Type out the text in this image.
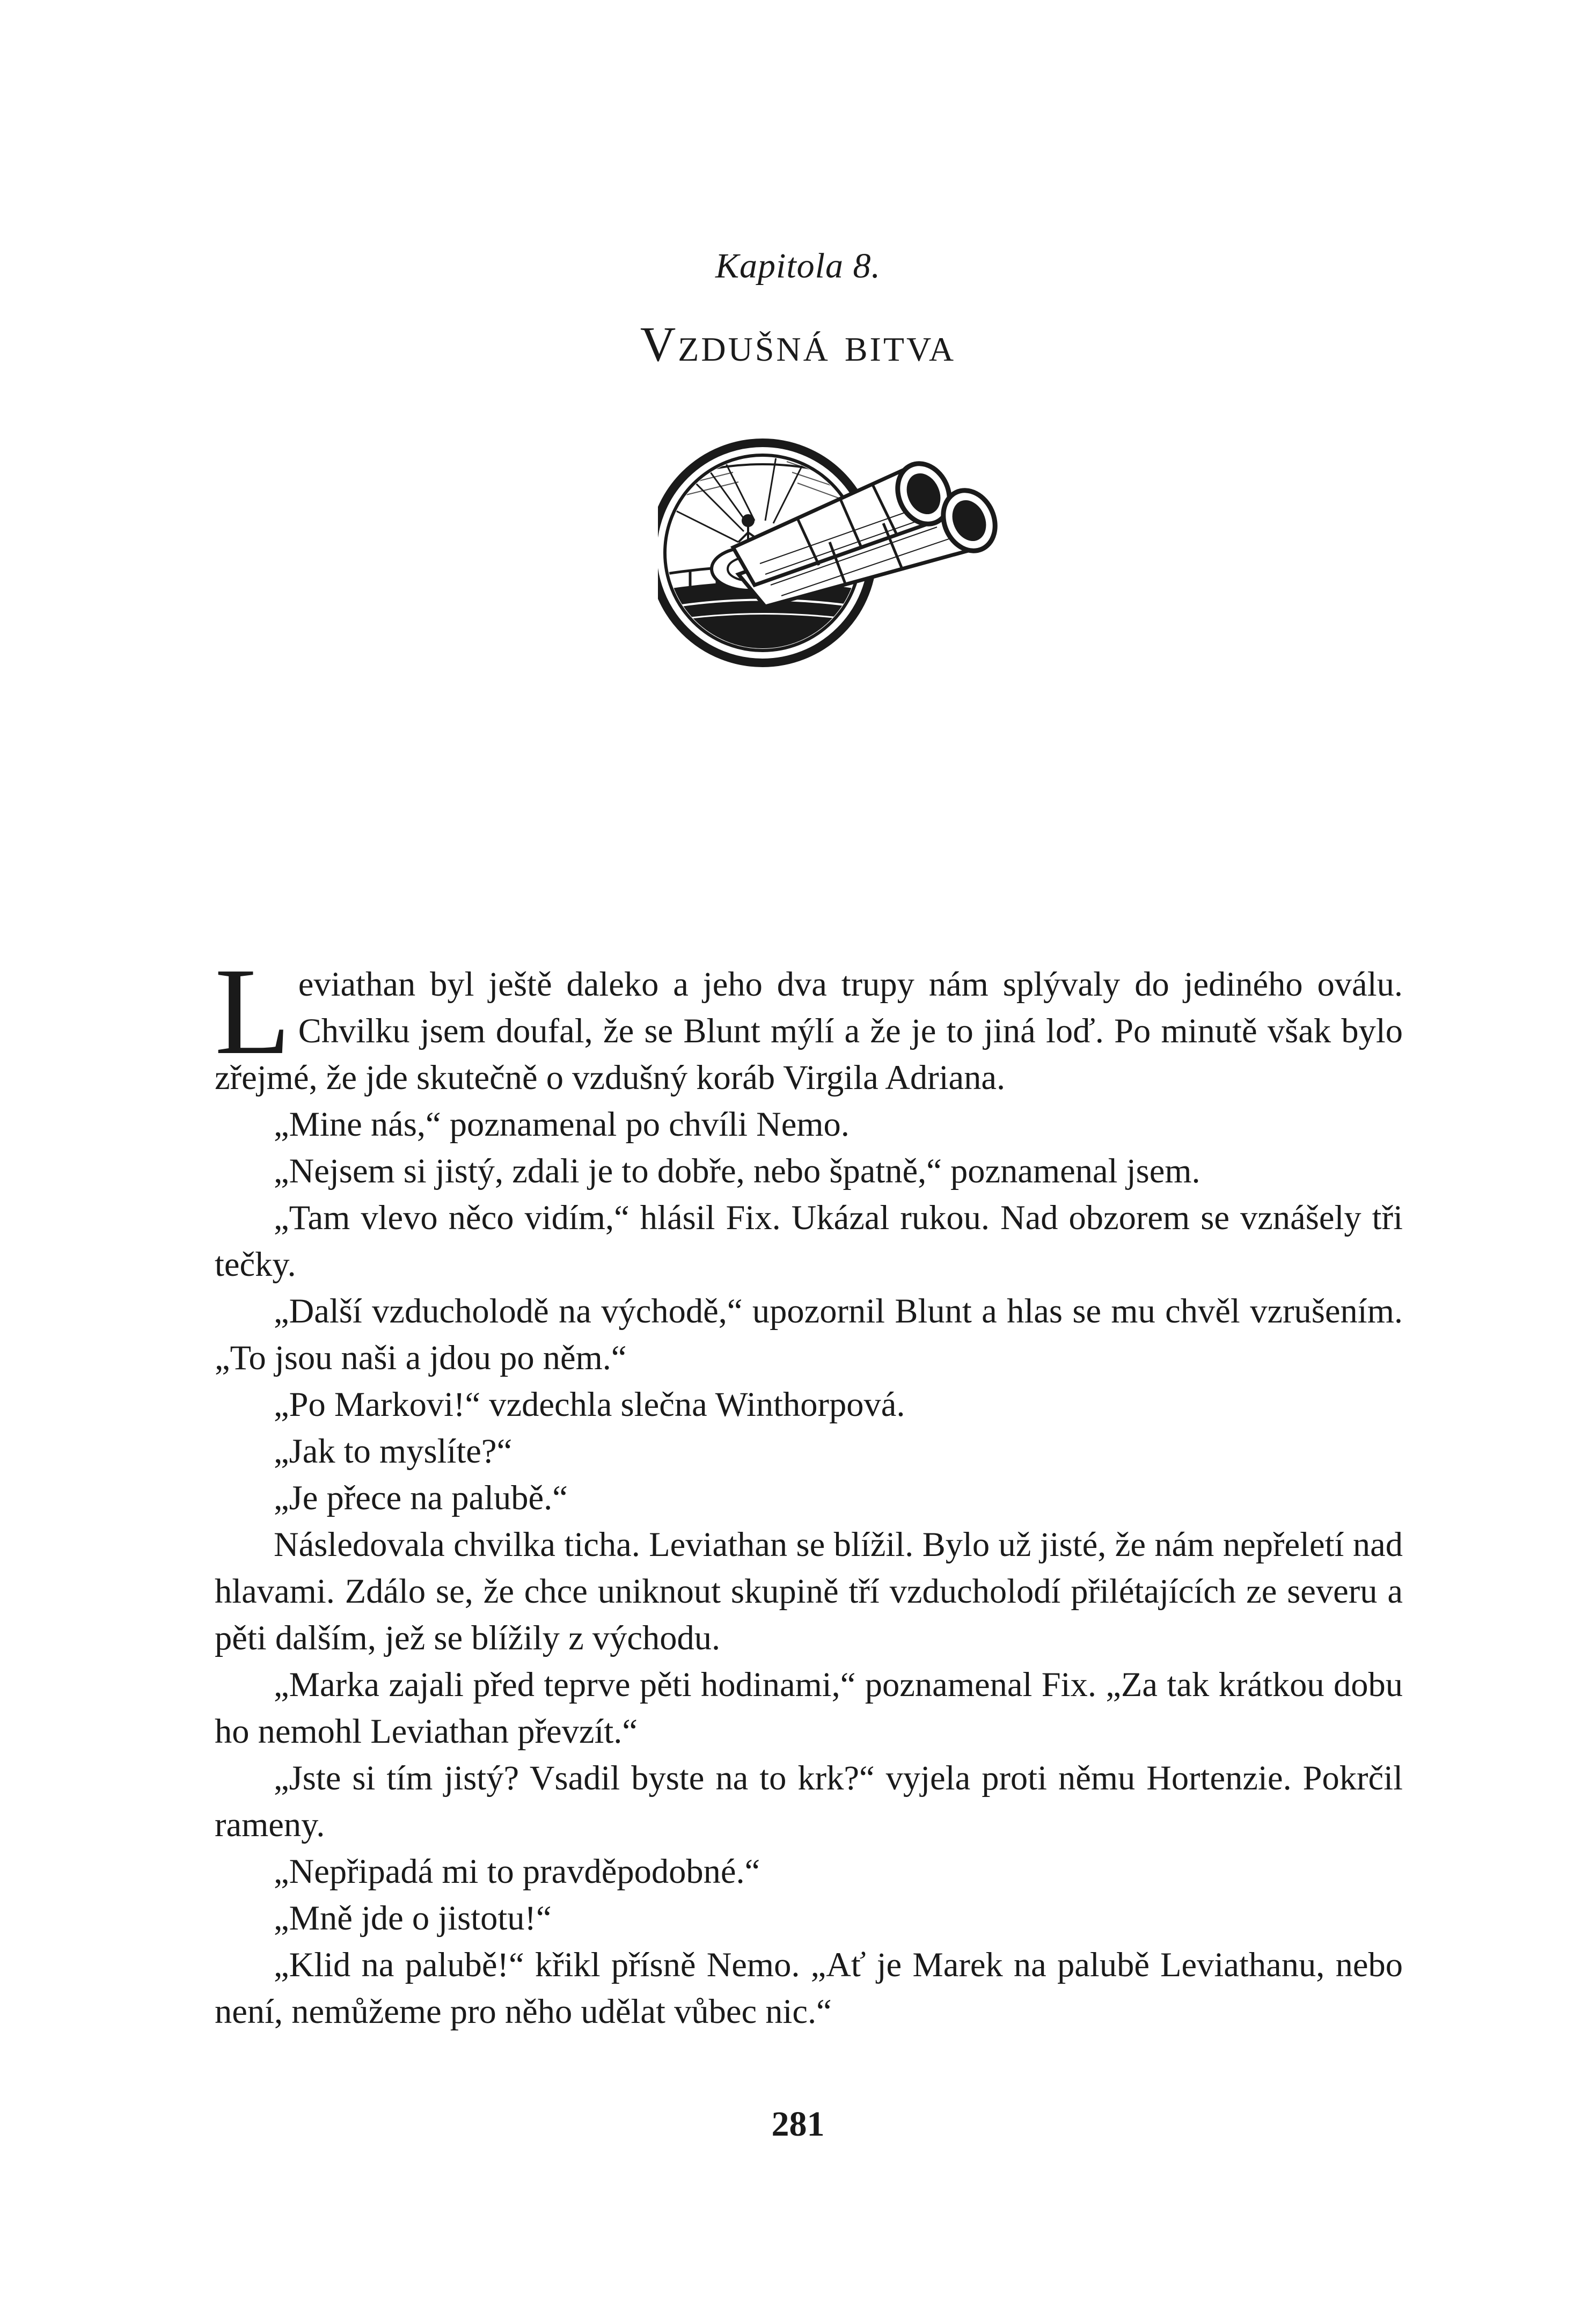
Kapitola 8.
Vzdušná bitva

Leviathan byl ještě daleko a jeho dva trupy nám splývaly do jediného oválu. Chvilku jsem doufal, že se Blunt mýlí a že je to jiná loď. Po minutě však bylo zřejmé, že jde skutečně o vzdušný koráb Virgila Adriana.

„Mine nás,“ poznamenal po chvíli Nemo.

„Nejsem si jistý, zdali je to dobře, nebo špatně,“ poznamenal jsem.

„Tam vlevo něco vidím,“ hlásil Fix. Ukázal rukou. Nad obzorem se vznášely tři tečky.

„Další vzducholodě na východě,“ upozornil Blunt a hlas se mu chvěl vzrušením. „To jsou naši a jdou po něm.“

„Po Markovi!“ vzdechla slečna Winthorpová.

„Jak to myslíte?“

„Je přece na palubě.“

Následovala chvilka ticha. Leviathan se blížil. Bylo už jisté, že nám nepřeletí nad hlavami. Zdálo se, že chce uniknout skupině tří vzducholodí přilétajících ze severu a pěti dalším, jež se blížily z východu.

„Marka zajali před teprve pěti hodinami,“ poznamenal Fix. „Za tak krátkou dobu ho nemohl Leviathan převzít.“

„Jste si tím jistý? Vsadil byste na to krk?“ vyjela proti němu Hortenzie. Pokrčil rameny.

„Nepřipadá mi to pravděpodobné.“

„Mně jde o jistotu!“

„Klid na palubě!“ křikl přísně Nemo. „Ať je Marek na palubě Leviathanu, nebo není, nemůžeme pro něho udělat vůbec nic.“

281
